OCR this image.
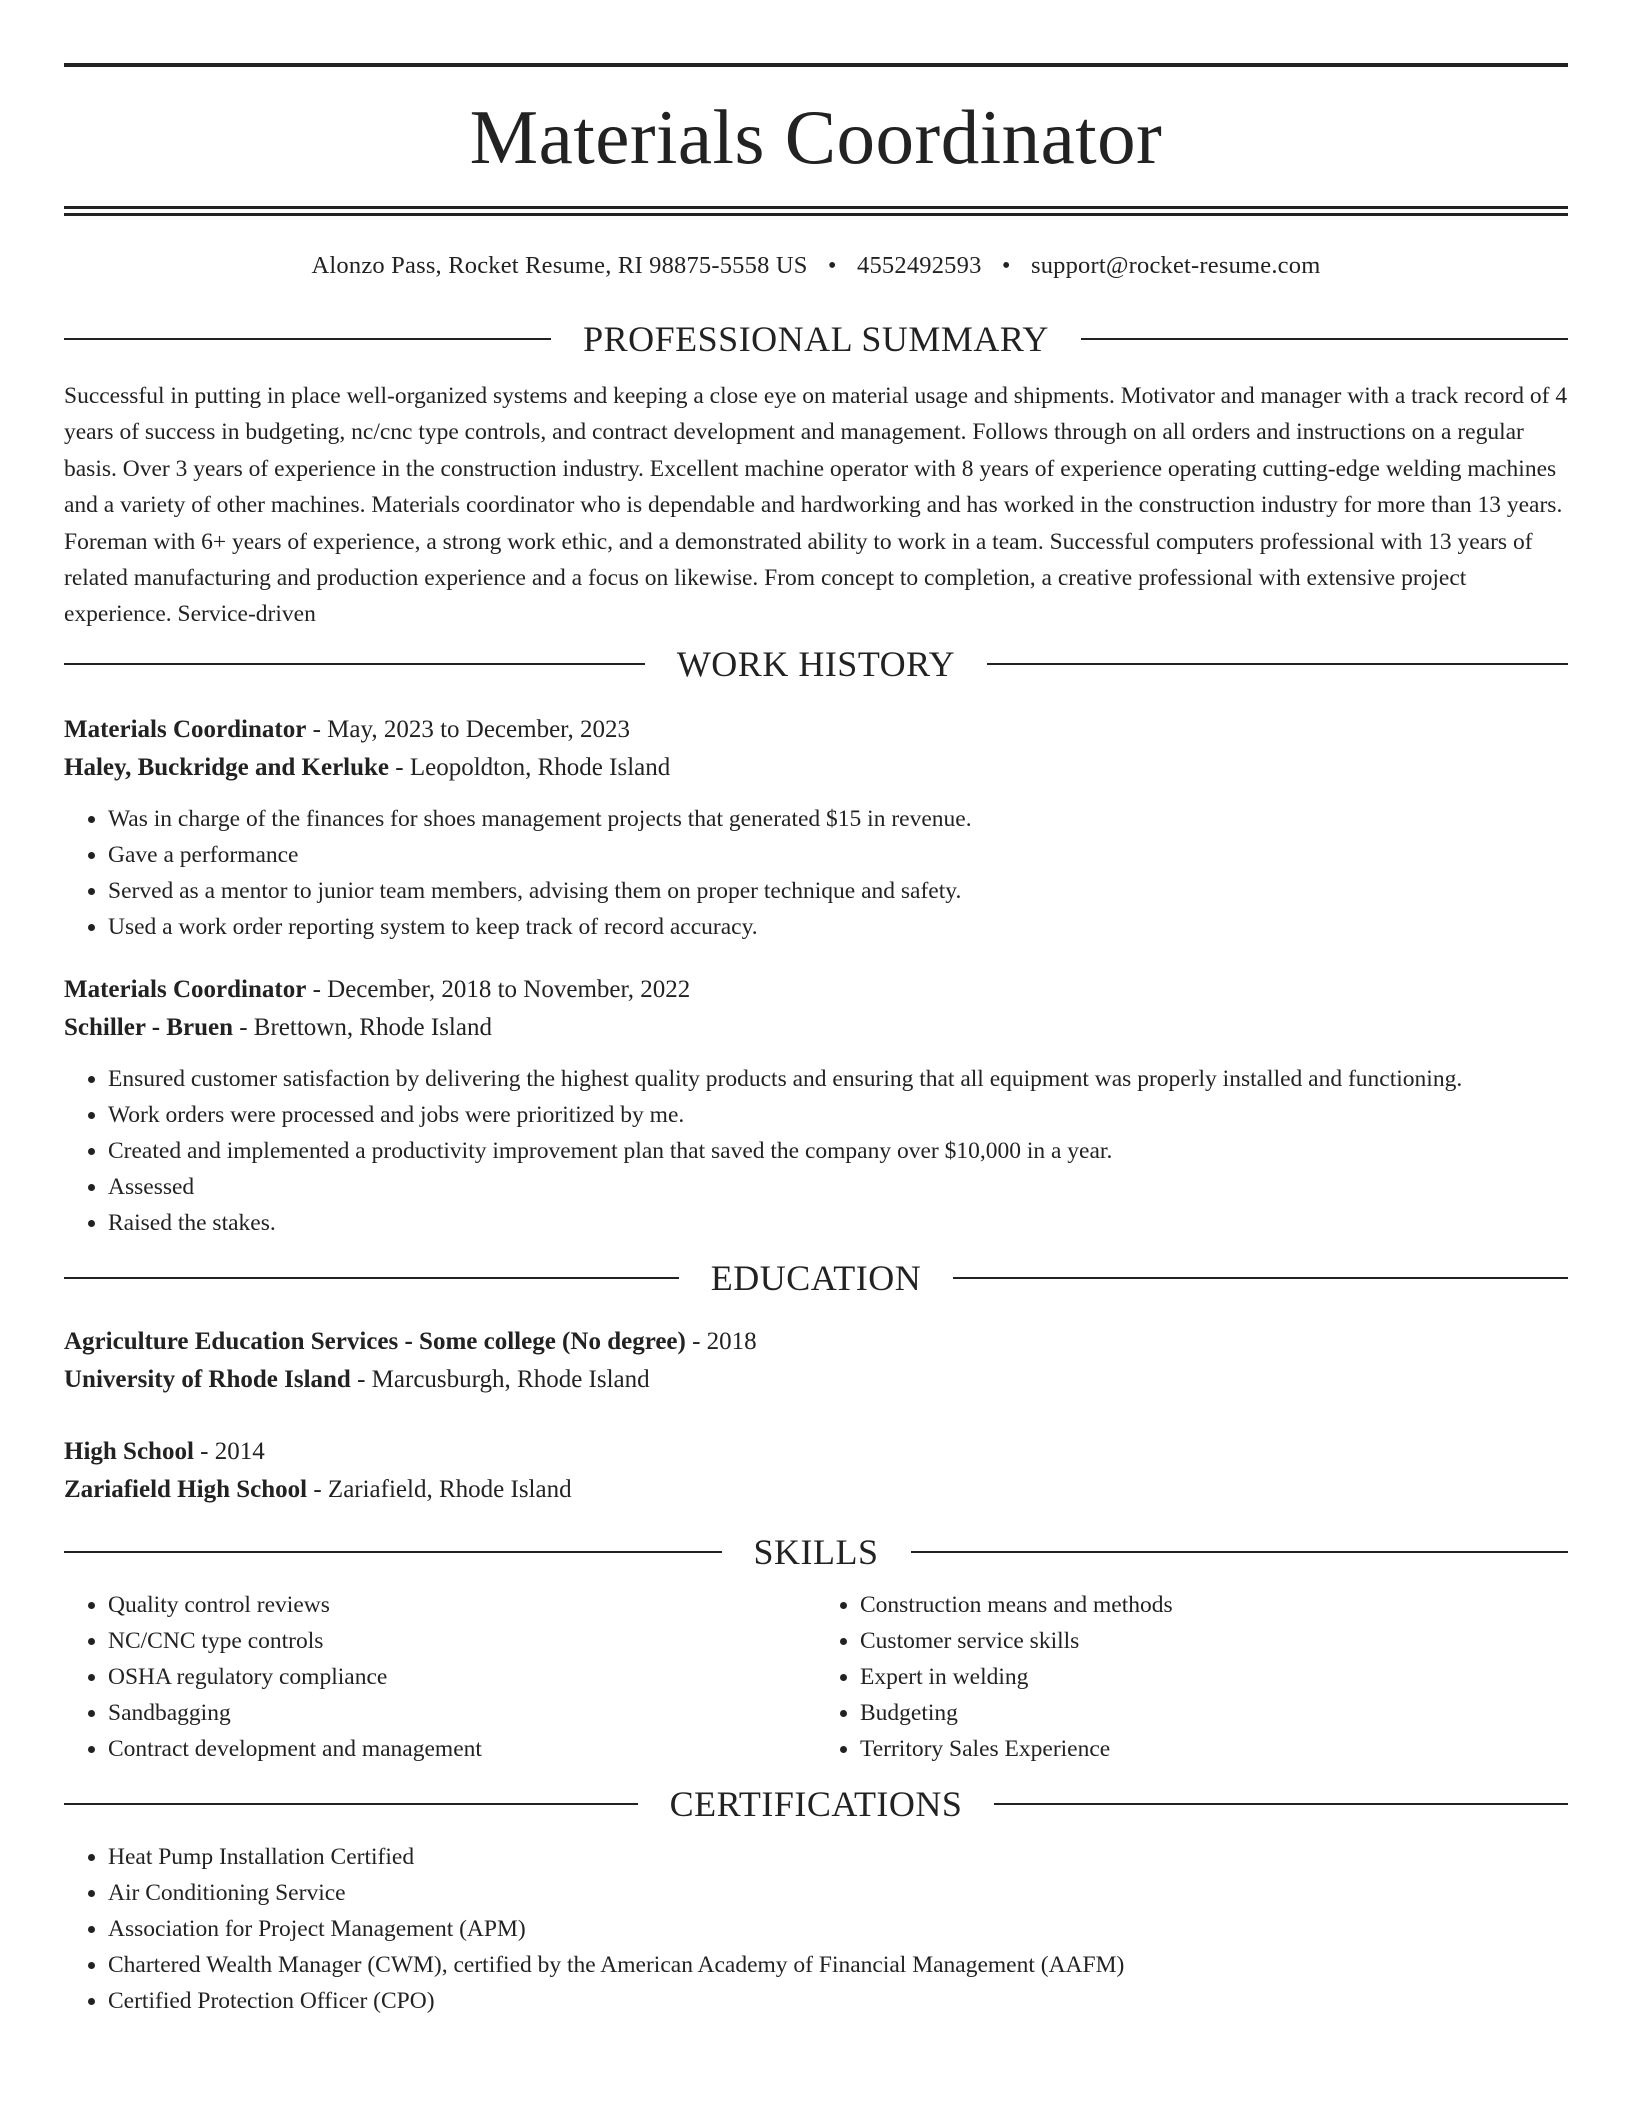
Materials Coordinator
Alonzo Pass, Rocket Resume, RI 98875-5558 US • 4552492593 • support@rocket-resume.com
PROFESSIONAL SUMMARY

Successful in putting in place well-organized systems and keeping a close eye on material usage and shipments. Motivator and manager with a track record of 4 years of success in budgeting, nc/cnc type controls, and contract development and management. Follows through on all orders and instructions on a regular basis. Over 3 years of experience in the construction industry. Excellent machine operator with 8 years of experience operating cutting-edge welding machines and a variety of other machines. Materials coordinator who is dependable and hardworking and has worked in the construction industry for more than 13 years. Foreman with 6+ years of experience, a strong work ethic, and a demonstrated ability to work in a team. Successful computers professional with 13 years of related manufacturing and production experience and a focus on likewise. From concept to completion, a creative professional with extensive project experience. Service-driven

WORK HISTORY
Materials Coordinator - May, 2023 to December, 2023
Haley, Buckridge and Kerluke - Leopoldton, Rhode Island
• Was in charge of the finances for shoes management projects that generated $15 in revenue.
• Gave a performance
• Served as a mentor to junior team members, advising them on proper technique and safety.
• Used a work order reporting system to keep track of record accuracy.
Materials Coordinator - December, 2018 to November, 2022
Schiller - Bruen - Brettown, Rhode Island
• Ensured customer satisfaction by delivering the highest quality products and ensuring that all equipment was properly installed and functioning.
• Work orders were processed and jobs were prioritized by me.
• Created and implemented a productivity improvement plan that saved the company over $10,000 in a year.
• Assessed
• Raised the stakes.
EDUCATION
Agriculture Education Services - Some college (No degree) - 2018
University of Rhode Island - Marcusburgh, Rhode Island
High School - 2014
Zariafield High School - Zariafield, Rhode Island
SKILLS
• Quality control reviews
• NC/CNC type controls
• OSHA regulatory compliance
• Sandbagging
• Contract development and management
• Construction means and methods
• Customer service skills
• Expert in welding
• Budgeting
• Territory Sales Experience
CERTIFICATIONS
• Heat Pump Installation Certified
• Air Conditioning Service
• Association for Project Management (APM)
• Chartered Wealth Manager (CWM), certified by the American Academy of Financial Management (AAFM)
• Certified Protection Officer (CPO)
